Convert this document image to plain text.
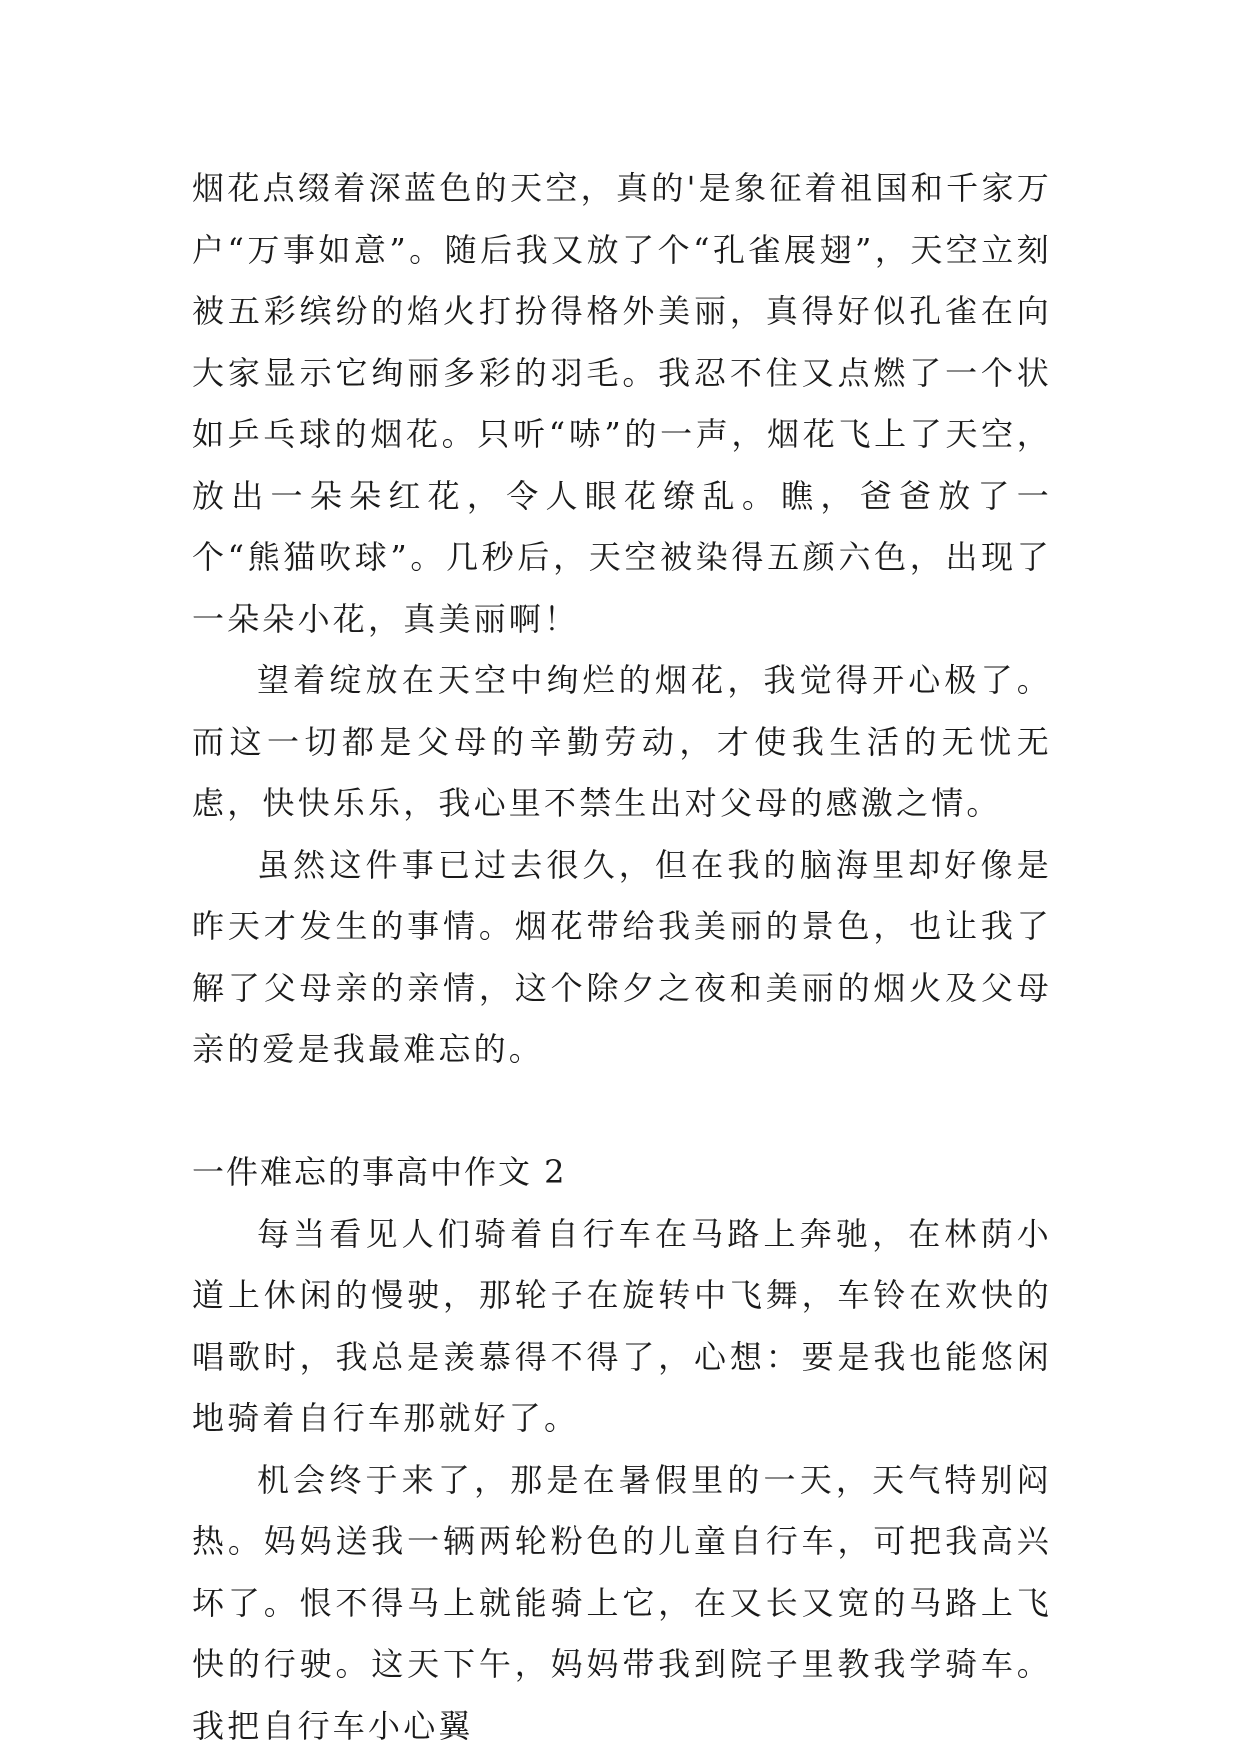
烟花点缀着深蓝色的天空，真的'是象征着祖国和千家万户“万事如意”。随后我又放了个“孔雀展翅”，天空立刻被五彩缤纷的焰火打扮得格外美丽，真得好似孔雀在向大家显示它绚丽多彩的羽毛。我忍不住又点燃了一个状如乒乓球的烟花。只听“哧”的一声，烟花飞上了天空，放出一朵朵红花，令人眼花缭乱。瞧，爸爸放了一个“熊猫吹球”。几秒后，天空被染得五颜六色，出现了一朵朵小花，真美丽啊！

望着绽放在天空中绚烂的烟花，我觉得开心极了。而这一切都是父母的辛勤劳动，才使我生活的无忧无虑，快快乐乐，我心里不禁生出对父母的感激之情。

虽然这件事已过去很久，但在我的脑海里却好像是昨天才发生的事情。烟花带给我美丽的景色，也让我了解了父母亲的亲情，这个除夕之夜和美丽的烟火及父母亲的爱是我最难忘的。

一件难忘的事高中作文 2

每当看见人们骑着自行车在马路上奔驰，在林荫小道上休闲的慢驶，那轮子在旋转中飞舞，车铃在欢快的唱歌时，我总是羡慕得不得了，心想：要是我也能悠闲地骑着自行车那就好了。

机会终于来了，那是在暑假里的一天，天气特别闷热。妈妈送我一辆两轮粉色的儿童自行车，可把我高兴坏了。恨不得马上就能骑上它，在又长又宽的马路上飞快的行驶。这天下午，妈妈带我到院子里教我学骑车。我把自行车小心翼
